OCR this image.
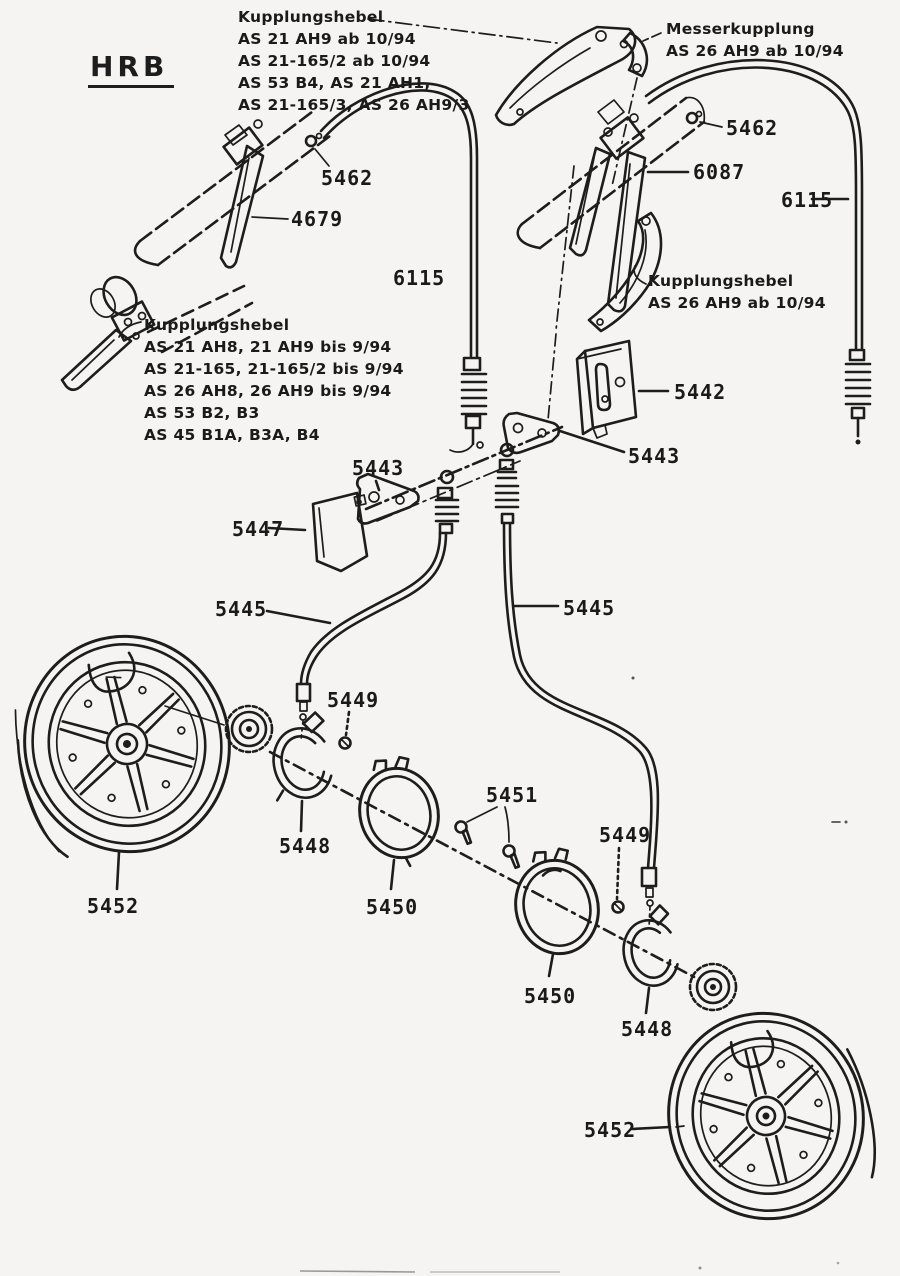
HRB
Kupplungshebel
AS 21 AH9 ab 10/94
AS 21-165/2 ab 10/94
AS 53 B4, AS 21 AH1,
AS 21-165/3, AS 26 AH9/3
Messerkupplung
AS 26 AH9 ab 10/94
Kupplungshebel
AS 21 AH8, 21 AH9 bis 9/94
AS 21-165, 21-165/2 bis 9/94
AS 26 AH8, 26 AH9 bis 9/94
AS 53 B2, B3
AS 45 B1A, B3A, B4
Kupplungshebel
AS 26 AH9 ab 10/94
5462
4679
6115
5462
6087
6115
5442
5443	5443
5447
5445	5445
5449
5451
5449
5448
5452	5450
5450
5448
5452
